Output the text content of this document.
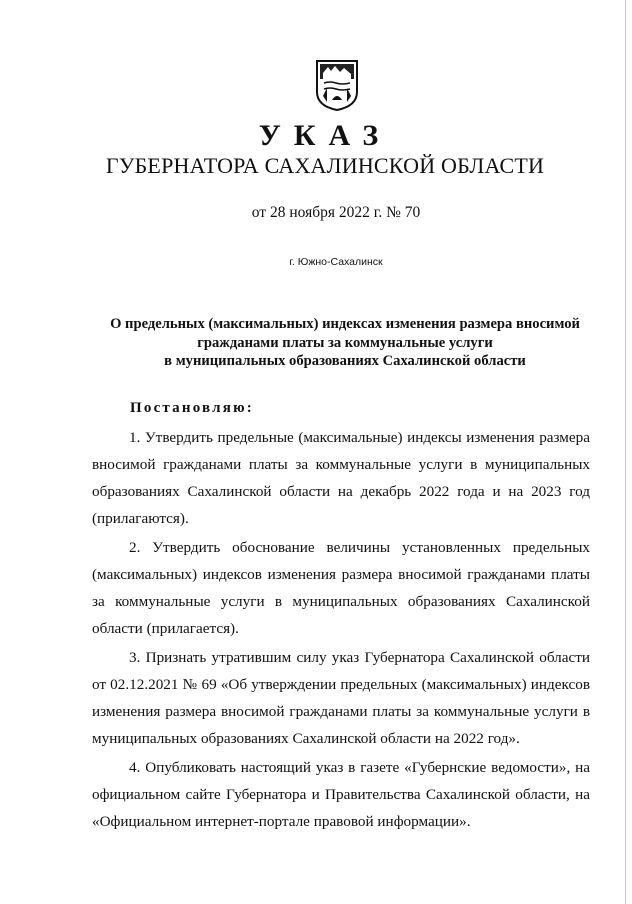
УКАЗ
ГУБЕРНАТОРА САХАЛИНСКОЙ ОБЛАСТИ
от 28 ноября 2022 г. № 70
г. Южно-Сахалинск
О предельных (максимальных) индексах изменения размера вносимой
гражданами платы за коммунальные услуги
в муниципальных образованиях Сахалинской области
Постановляю:

1. Утвердить предельные (максимальные) индексы изменения размера вносимой гражданами платы за коммунальные услуги в муниципальных образованиях Сахалинской области на декабрь 2022 года и на 2023 год (прилагаются).

2. Утвердить обоснование величины установленных предельных (максимальных) индексов изменения размера вносимой гражданами платы за коммунальные услуги в муниципальных образованиях Сахалинской области (прилагается).

3. Признать утратившим силу указ Губернатора Сахалинской области от 02.12.2021 № 69 «Об утверждении предельных (максимальных) индексов изменения размера вносимой гражданами платы за коммунальные услуги в муниципальных образованиях Сахалинской области на 2022 год».

4. Опубликовать настоящий указ в газете «Губернские ведомости», на официальном сайте Губернатора и Правительства Сахалинской области, на «Официальном интернет-портале правовой информации».
